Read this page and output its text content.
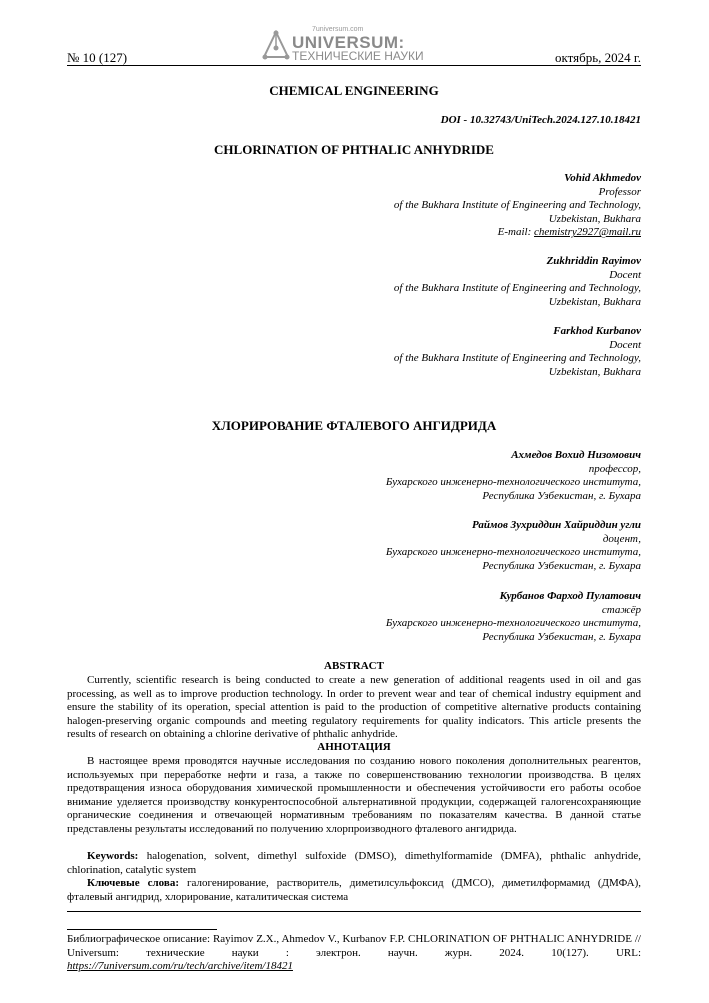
№ 10 (127)
7universum.com
UNIVERSUM:
ТЕХНИЧЕСКИЕ НАУКИ	октябрь, 2024 г.
CHEMICAL ENGINEERING
DOI - 10.32743/UniTech.2024.127.10.18421
CHLORINATION OF PHTHALIC ANHYDRIDE
Vohid Akhmedov
Professor
of the Bukhara Institute of Engineering and Technology,
Uzbekistan, Bukhara
E-mail: chemistry2927@mail.ru
Zukhriddin Rayimov
Docent
of the Bukhara Institute of Engineering and Technology,
Uzbekistan, Bukhara
Farkhod Kurbanov
Docent
of the Bukhara Institute of Engineering and Technology,
Uzbekistan, Bukhara
ХЛОРИРОВАНИЕ ФТАЛЕВОГО АНГИДРИДА
Ахмедов Вохид Низомович
профессор,
Бухарского инженерно-технологического института,
Республика Узбекистан, г. Бухара
Раймов Зухриддин Хайриддин угли
доцент,
Бухарского инженерно-технологического института,
Республика Узбекистан, г. Бухара
Курбанов Фарход Пулатович
стажёр
Бухарского инженерно-технологического института,
Республика Узбекистан, г. Бухара
ABSTRACT
Currently, scientific research is being conducted to create a new generation of additional reagents used in oil and gas processing, as well as to improve production technology. In order to prevent wear and tear of chemical industry equipment and ensure the stability of its operation, special attention is paid to the production of competitive alternative products containing halogen-preserving organic compounds and meeting regulatory requirements for quality indicators. This article presents the results of research on obtaining a chlorine derivative of phthalic anhydride.
АННОТАЦИЯ
В настоящее время проводятся научные исследования по созданию нового поколения дополнительных реагентов, используемых при переработке нефти и газа, а также по совершенствованию технологии производства. В целях предотвращения износа оборудования химической промышленности и обеспечения устойчивости его работы особое внимание уделяется производству конкурентоспособной альтернативной продукции, содержащей галогенсохраняющие органические соединения и отвечающей нормативным требованиям по показателям качества. В данной статье представлены результаты исследований по получению хлорпроизводного фталевого ангидрида.
Keywords: halogenation, solvent, dimethyl sulfoxide (DMSO), dimethylformamide (DMFA), phthalic anhydride, chlorination, catalytic system
Ключевые слова: галогенирование, растворитель, диметилсульфоксид (ДМСО), диметилформамид (ДМФА), фталевый ангидрид, хлорирование, каталитическая система
Библиографическое описание: Rayimov Z.X., Ahmedov V., Kurbanov F.P. CHLORINATION OF PHTHALIC ANHYDRIDE // Universum: технические науки : электрон. научн. журн. 2024. 10(127). URL: https://7universum.com/ru/tech/archive/item/18421
